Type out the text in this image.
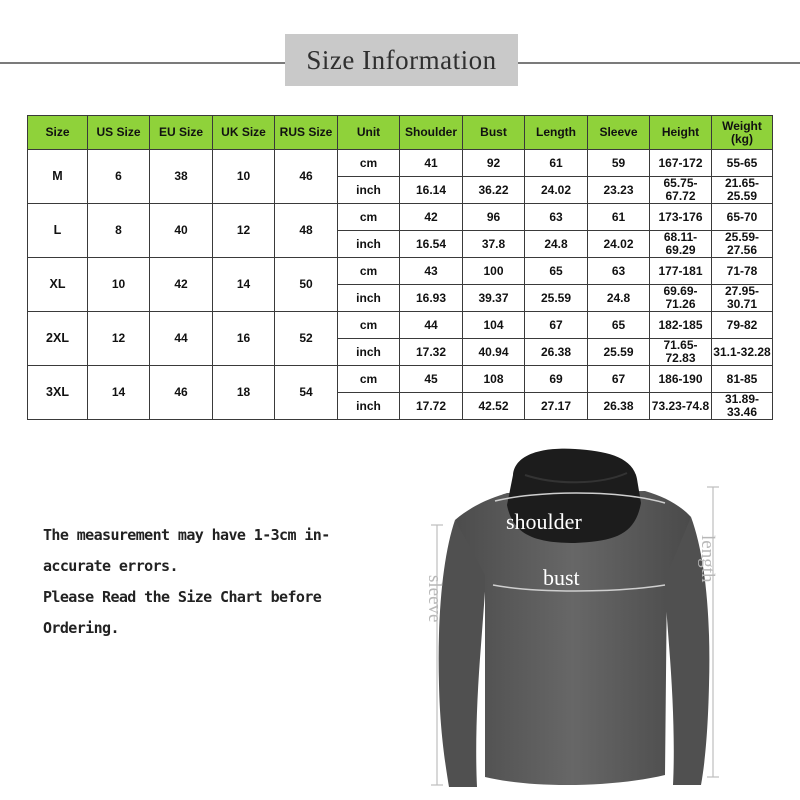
Size Information
Size	US Size	EU Size	UK Size	RUS Size	Unit	Shoulder	Bust	Length	Sleeve	Height	Weight (kg)
M	6	38	10	46	cm	41	92	61	59	167-172	55-65
					inch	16.14	36.22	24.02	23.23	65.75-67.72	21.65-25.59
L	8	40	12	48	cm	42	96	63	61	173-176	65-70
					inch	16.54	37.8	24.8	24.02	68.11-69.29	25.59-27.56
XL	10	42	14	50	cm	43	100	65	63	177-181	71-78
					inch	16.93	39.37	25.59	24.8	69.69-71.26	27.95-30.71
2XL	12	44	16	52	cm	44	104	67	65	182-185	79-82
					inch	17.32	40.94	26.38	25.59	71.65-72.83	31.1-32.28
3XL	14	46	18	54	cm	45	108	69	67	186-190	81-85
					inch	17.72	42.52	27.17	26.38	73.23-74.8	31.89-33.46
The measurement may have 1-3cm in-
accurate errors.
Please Read the Size Chart before
Ordering.
shoulder
bust
sleeve
length
